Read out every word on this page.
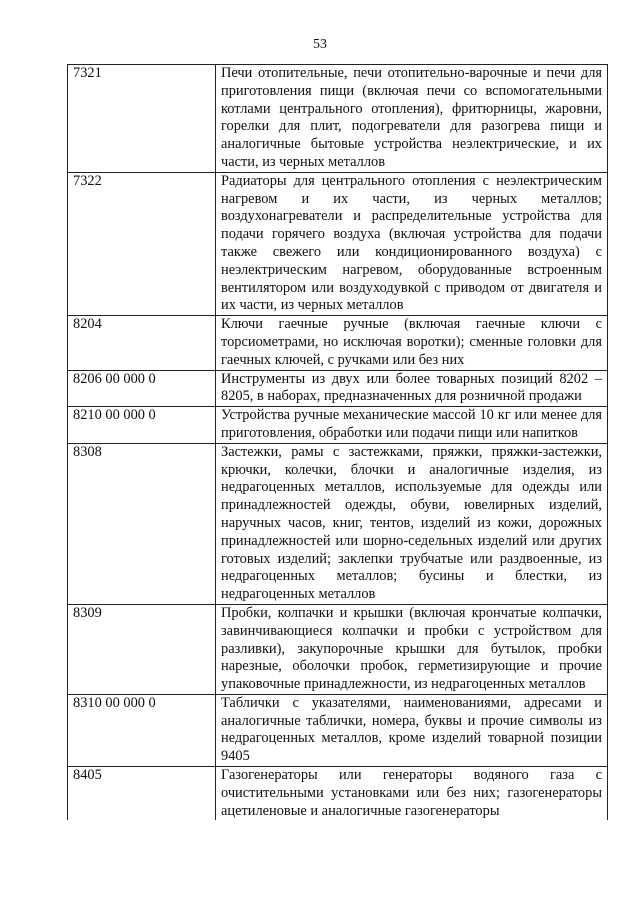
53
7321	Печи отопительные, печи отопительно-варочные и печи для приготовления пищи (включая печи со вспомогательными котлами центрального отопления), фритюрницы, жаровни, горелки для плит, подогреватели для разогрева пищи и аналогичные бытовые устройства неэлектрические, и их части, из черных металлов
7322	Радиаторы для центрального отопления с неэлектрическим нагревом и их части, из черных металлов; воздухонагреватели и распределительные устройства для подачи горячего воздуха (включая устройства для подачи также свежего или кондиционированного воздуха) с неэлектрическим нагревом, оборудованные встроенным вентилятором или воздуходувкой с приводом от двигателя и их части, из черных металлов
8204	Ключи гаечные ручные (включая гаечные ключи с торсиометрами, но исключая воротки); сменные головки для гаечных ключей, с ручками или без них
8206 00 000 0	Инструменты из двух или более товарных позиций 8202 – 8205, в наборах, предназначенных для розничной продажи
8210 00 000 0	Устройства ручные механические массой 10 кг или менее для приготовления, обработки или подачи пищи или напитков
8308	Застежки, рамы с застежками, пряжки, пряжки-застежки, крючки, колечки, блочки и аналогичные изделия, из недрагоценных металлов, используемые для одежды или принадлежностей одежды, обуви, ювелирных изделий, наручных часов, книг, тентов, изделий из кожи, дорожных принадлежностей или шорно-седельных изделий или других готовых изделий; заклепки трубчатые или раздвоенные, из недрагоценных металлов; бусины и блестки, из недрагоценных металлов
8309	Пробки, колпачки и крышки (включая крончатые колпачки, завинчивающиеся колпачки и пробки с устройством для разливки), закупорочные крышки для бутылок, пробки нарезные, оболочки пробок, герметизирующие и прочие упаковочные принадлежности, из недрагоценных металлов
8310 00 000 0	Таблички с указателями, наименованиями, адресами и аналогичные таблички, номера, буквы и прочие символы из недрагоценных металлов, кроме изделий товарной позиции 9405
8405	Газогенераторы или генераторы водяного газа с очистительными установками или без них; газогенераторы ацетиленовые и аналогичные газогенераторы
